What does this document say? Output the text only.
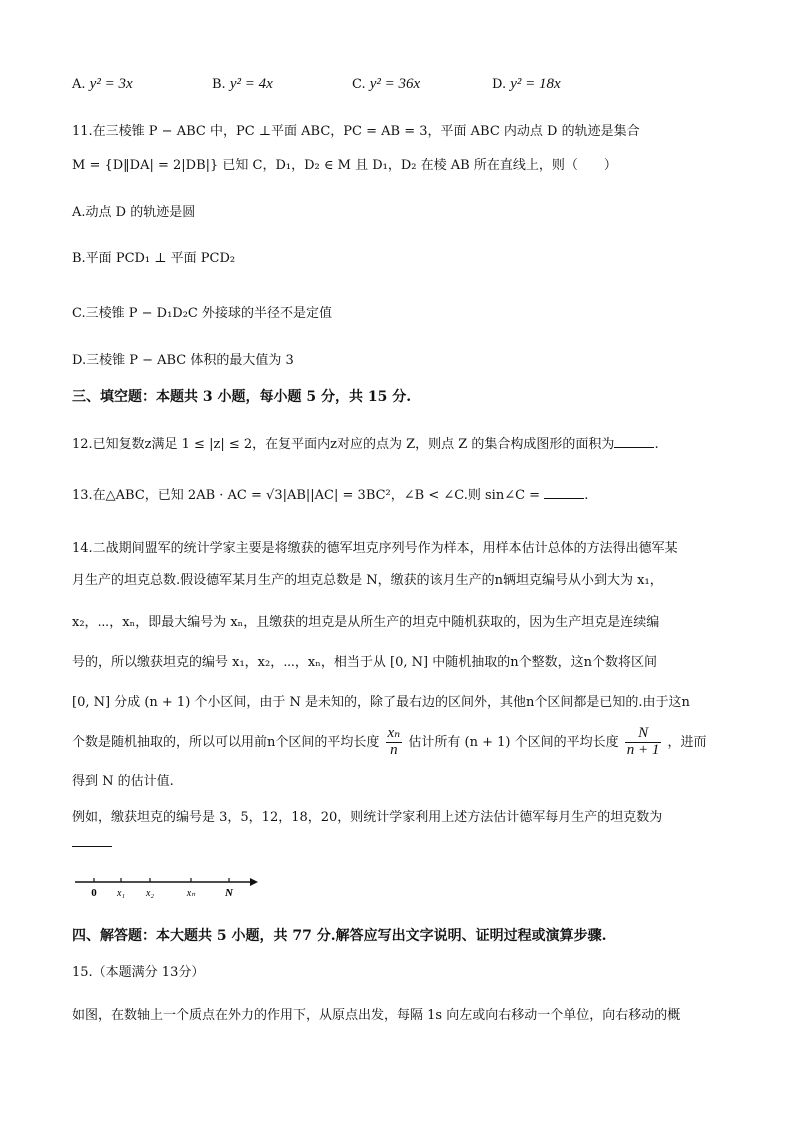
A. y² = 3x	B. y² = 4x	C. y² = 36x	D. y² = 18x
11.在三棱锥 P − ABC 中，PC ⊥平面 ABC，PC = AB = 3，平面 ABC 内动点 D 的轨迹是集合
M = {D‖DA| = 2|DB|} 已知 C，D₁，D₂ ∈ M 且 D₁，D₂ 在棱 AB 所在直线上，则（　　）
A.动点 D 的轨迹是圆
B.平面 PCD₁ ⊥ 平面 PCD₂
C.三棱锥 P − D₁D₂C 外接球的半径不是定值
D.三棱锥 P − ABC 体积的最大值为 3
三、填空题：本题共 3 小题，每小题 5 分，共 15 分.
12.已知复数z满足 1 ≤ |z| ≤ 2，在复平面内z对应的点为 Z，则点 Z 的集合构成图形的面积为	.
13.在△ABC，已知 2AB · AC = √3|AB||AC| = 3BC²，∠B < ∠C.则 sin∠C =	.
14.二战期间盟军的统计学家主要是将缴获的德军坦克序列号作为样本，用样本估计总体的方法得出德军某
月生产的坦克总数.假设德军某月生产的坦克总数是 N，缴获的该月生产的n辆坦克编号从小到大为 x₁，
x₂，⋯，xₙ，即最大编号为 xₙ，且缴获的坦克是从所生产的坦克中随机获取的，因为生产坦克是连续编
号的，所以缴获坦克的编号 x₁，x₂，⋯，xₙ，相当于从 [0, N] 中随机抽取的n个整数，这n个数将区间
[0, N] 分成 (n + 1) 个小区间，由于 N 是未知的，除了最右边的区间外，其他n个区间都是已知的.由于这n
个数是随机抽取的，所以可以用前n个区间的平均长度 $\frac{\text{xₙ}}{n}$ 估计所有 (n + 1) 个区间的平均长度 $\frac{N}{n + 1}$ ，进而
得到 N 的估计值.
例如，缴获坦克的编号是 3，5，12，18，20，则统计学家利用上述方法估计德军每月生产的坦克数为
0 x₁ x₂	xₙ	N
四、解答题：本大题共 5 小题，共 77 分.解答应写出文字说明、证明过程或演算步骤.
15.（本题满分 13分）
如图，在数轴上一个质点在外力的作用下，从原点出发，每隔 1s 向左或向右移动一个单位，向右移动的概
